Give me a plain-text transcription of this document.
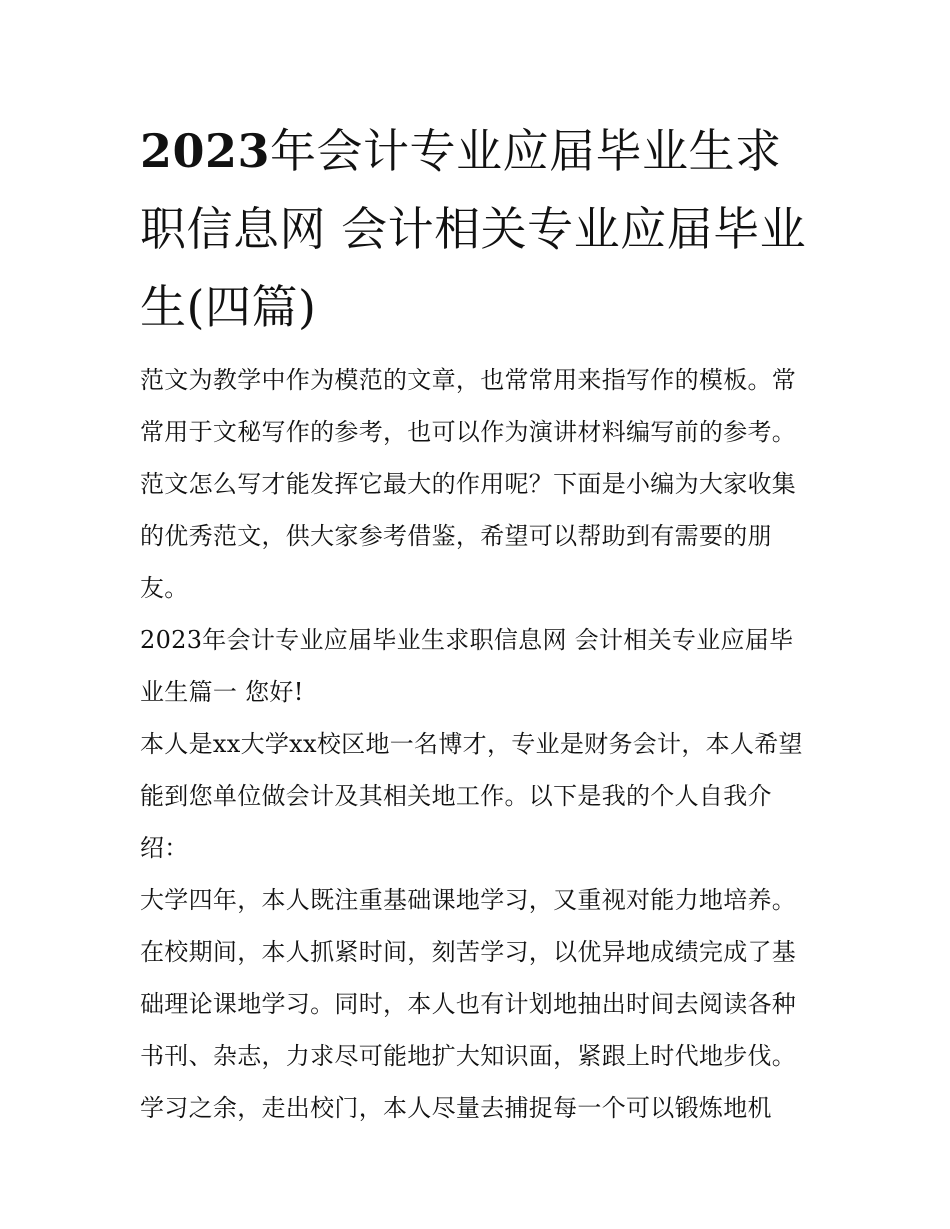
2023年会计专业应届毕业生求职信息网 会计相关专业应届毕业生(四篇)

范文为教学中作为模范的文章，也常常用来指写作的模板。常常用于文秘写作的参考，也可以作为演讲材料编写前的参考。范文怎么写才能发挥它最大的作用呢？下面是小编为大家收集的优秀范文，供大家参考借鉴，希望可以帮助到有需要的朋友。

2023年会计专业应届毕业生求职信息网 会计相关专业应届毕业生篇一 您好!

本人是xx大学xx校区地一名博才，专业是财务会计，本人希望能到您单位做会计及其相关地工作。以下是我的个人自我介绍：

大学四年，本人既注重基础课地学习，又重视对能力地培养。在校期间，本人抓紧时间，刻苦学习，以优异地成绩完成了基础理论课地学习。同时，本人也有计划地抽出时间去阅读各种书刊、杂志，力求尽可能地扩大知识面，紧跟上时代地步伐。学习之余，走出校门，本人尽量去捕捉每一个可以锻炼地机
